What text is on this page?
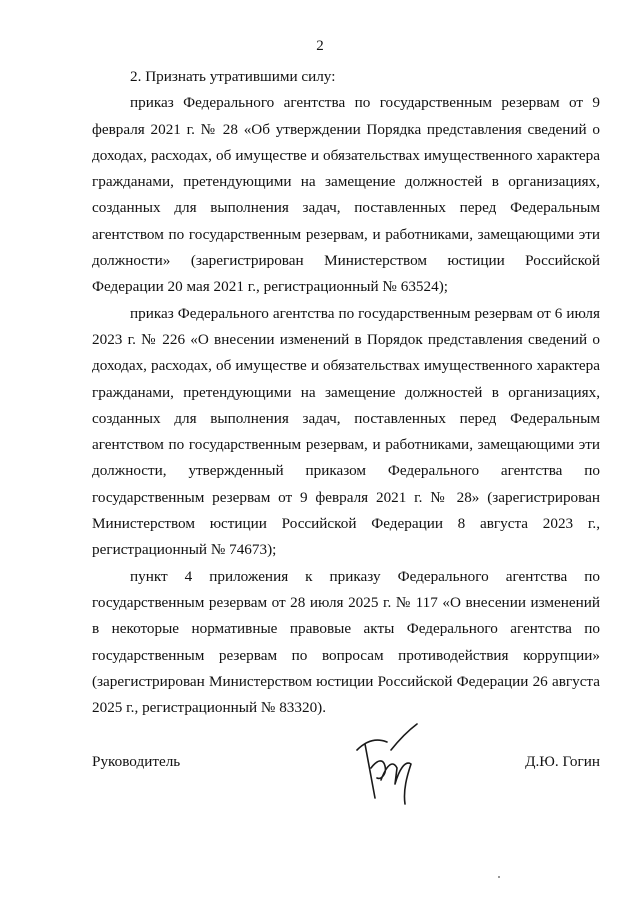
2

2. Признать утратившими силу:

приказ Федерального агентства по государственным резервам от 9 февраля 2021 г. № 28 «Об утверждении Порядка представления сведений о доходах, расходах, об имуществе и обязательствах имущественного характера гражданами, претендующими на замещение должностей в организациях, созданных для выполнения задач, поставленных перед Федеральным агентством по государственным резервам, и работниками, замещающими эти должности» (зарегистрирован Министерством юстиции Российской Федерации 20 мая 2021 г., регистрационный № 63524);

приказ Федерального агентства по государственным резервам от 6 июля 2023 г. № 226 «О внесении изменений в Порядок представления сведений о доходах, расходах, об имуществе и обязательствах имущественного характера гражданами, претендующими на замещение должностей в организациях, созданных для выполнения задач, поставленных перед Федеральным агентством по государственным резервам, и работниками, замещающими эти должности, утвержденный приказом Федерального агентства по государственным резервам от 9 февраля 2021 г. № 28» (зарегистрирован Министерством юстиции Российской Федерации 8 августа 2023 г., регистрационный № 74673);

пункт 4 приложения к приказу Федерального агентства по государственным резервам от 28 июля 2025 г. № 117 «О внесении изменений в некоторые нормативные правовые акты Федерального агентства по государственным резервам по вопросам противодействия коррупции» (зарегистрирован Министерством юстиции Российской Федерации 26 августа 2025 г., регистрационный № 83320).

Руководитель	Д.Ю. Гогин
